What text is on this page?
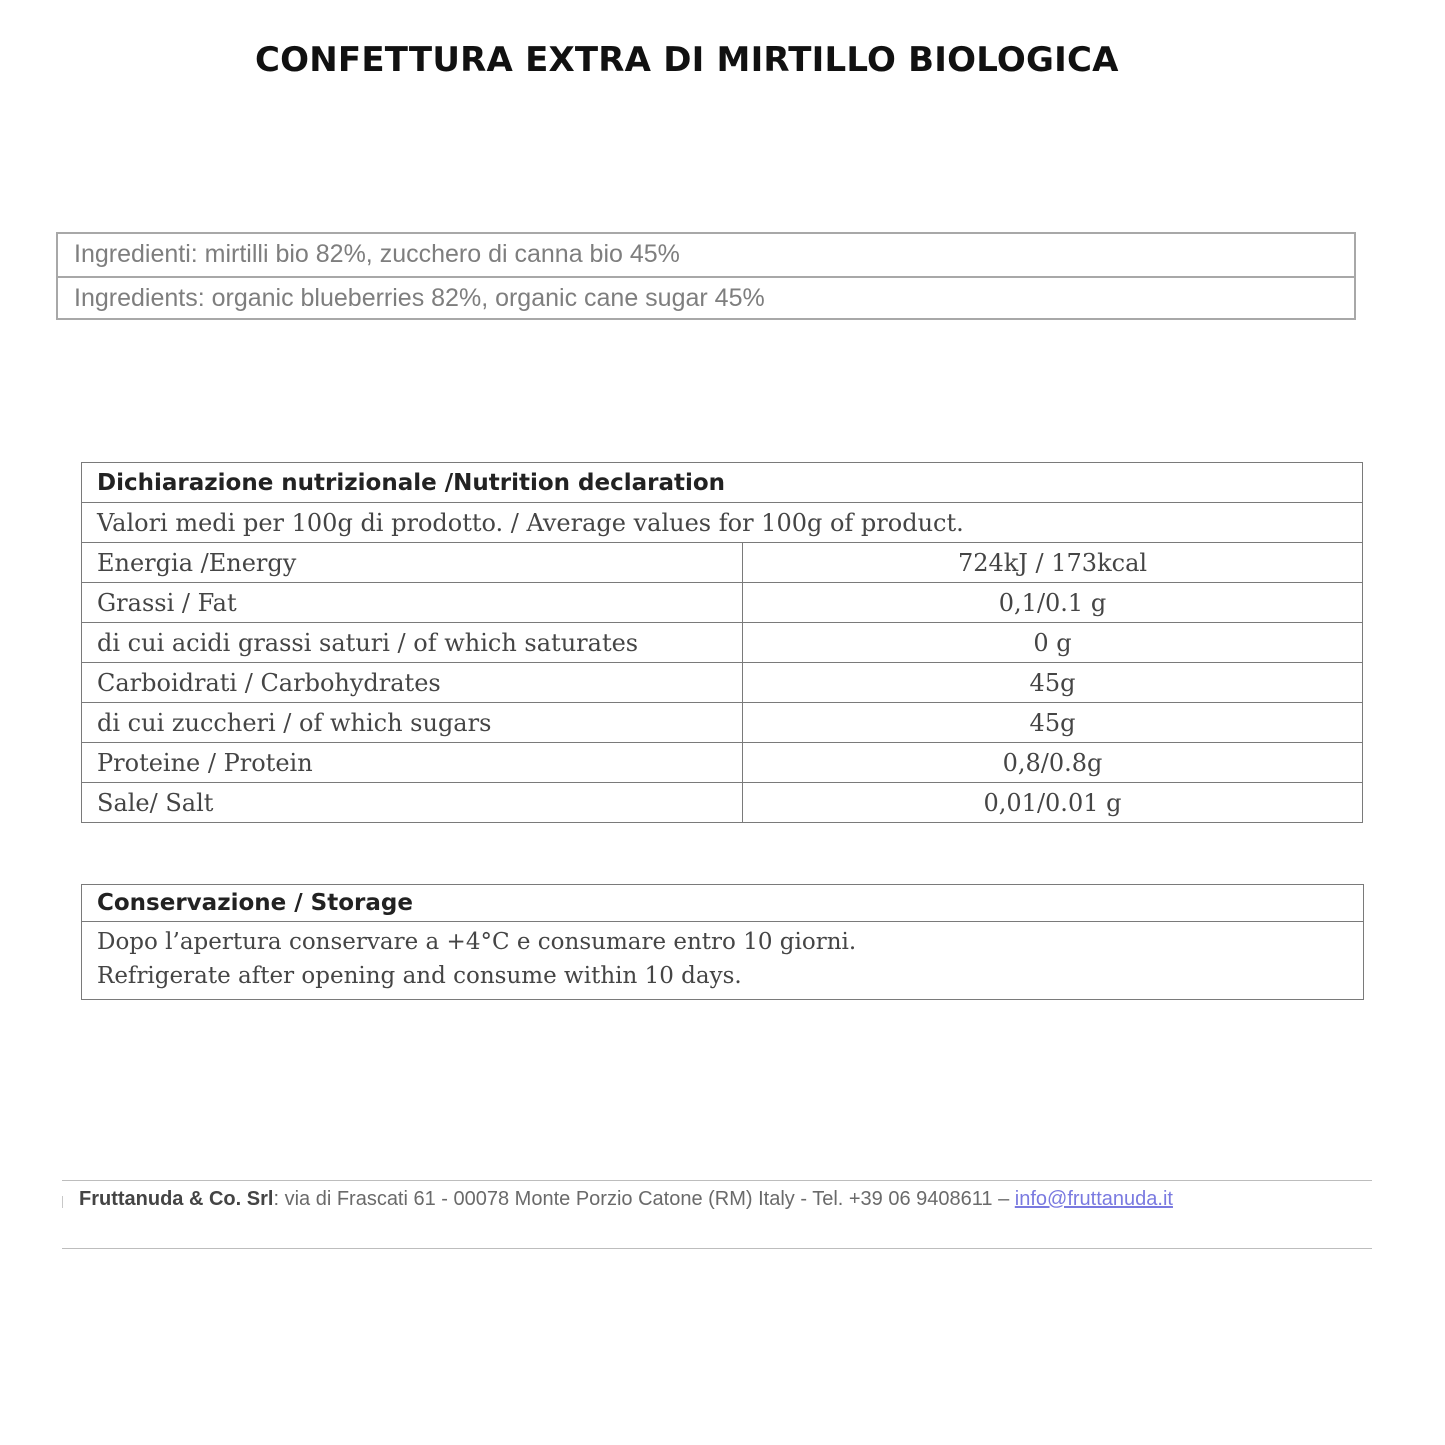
CONFETTURA EXTRA DI MIRTILLO BIOLOGICA
Ingredienti: mirtilli bio 82%, zucchero di canna bio 45%
Ingredients: organic blueberries 82%, organic cane sugar 45%
Dichiarazione nutrizionale /Nutrition declaration	
Valori medi per 100g di prodotto. / Average values for 100g of product.	
Energia /Energy	724kJ / 173kcal
Grassi / Fat	0,1/0.1 g
di cui acidi grassi saturi / of which saturates	0 g
Carboidrati / Carbohydrates	45g
di cui zuccheri / of which sugars	45g
Proteine / Protein	0,8/0.8g
Sale/ Salt	0,01/0.01 g
Conservazione / Storage
Dopo l’apertura conservare a +4°C e consumare entro 10 giorni.
Refrigerate after opening and consume within 10 days.
Fruttanuda & Co. Srl: via di Frascati 61 - 00078 Monte Porzio Catone (RM) Italy - Tel. +39 06 9408611 – info@fruttanuda.it
